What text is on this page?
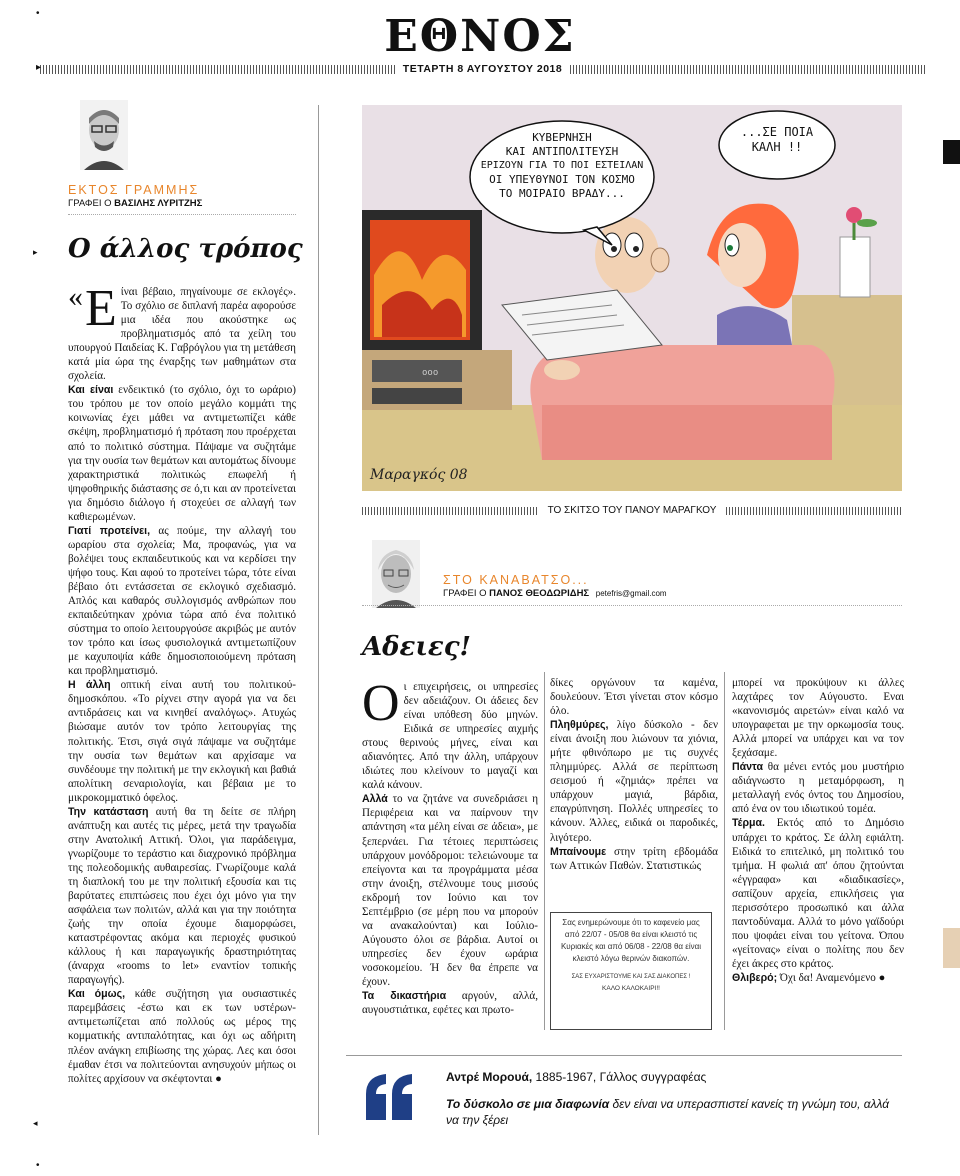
ΕΘΝΟΣ
ΤΕΤΑΡΤΗ 8 ΑΥΓΟΥΣΤΟΥ 2018
•
▸
ΕΚΤΟΣ ΓΡΑΜΜΗΣ
ΓΡΑΦΕΙ Ο ΒΑΣΙΛΗΣ ΛΥΡΙΤΖΗΣ
▸ Ο άλλος τρόπος

« Ε ίναι βέβαιο, πηγαίνουμε σε εκλογές». Το σχόλιο σε διπλανή παρέα αφορούσε μια ιδέα που ακούστηκε ως προβληματισμός από τα χείλη του υπουργού Παιδείας Κ. Γαβρόγλου για τη μετάθεση κατά μία ώρα της έναρξης των μαθημάτων στα σχολεία.

Και είναι ενδεικτικό (το σχόλιο, όχι το ωράριο) του τρόπου με τον οποίο μεγάλο κομμάτι της κοινωνίας έχει μάθει να αντιμετωπίζει κάθε σκέψη, προβληματισμό ή πρόταση που προέρχεται από το πολιτικό σύστημα. Πάψαμε να συζητάμε για την ουσία των θεμάτων και αυτομάτως δίνουμε χαρακτηριστικά πολιτικώς επωφελή ή ψηφοθηρικής διάστασης σε ό,τι και αν προτείνεται για δημόσιο διάλογο ή στοχεύει σε αλλαγή των καθιερωμένων.

Γιατί προτείνει, ας πούμε, την αλλαγή του ωραρίου στα σχολεία; Μα, προφανώς, για να βολέψει τους εκπαιδευτικούς και να κερδίσει την ψήφο τους. Και αφού το προτείνει τώρα, τότε είναι βέβαιο ότι εντάσσεται σε εκλογικό σχεδιασμό. Απλός και καθαρός συλλογισμός ανθρώπων που εκπαιδεύτηκαν χρόνια τώρα από ένα πολιτικό σύστημα το οποίο λειτουργούσε ακριβώς με αυτόν τον τρόπο και ίσως φυσιολογικά αντιμετωπίζουν με καχυποψία κάθε δημοσιοποιούμενη πρόταση και προβληματισμό.

Η άλλη οπτική είναι αυτή του πολιτικού-δημοσκόπου. «Το ρίχνει στην αγορά για να δει αντιδράσεις και να κινηθεί αναλόγως». Ατυχώς βιώσαμε αυτόν τον τρόπο λειτουργίας της πολιτικής. Έτσι, σιγά σιγά πάψαμε να συζητάμε την ουσία των θεμάτων και αρχίσαμε να συνδέουμε την πολιτική με την εκλογική και βαθιά απολίτικη σεναριολογία, και βέβαια με το μικροκομματικό όφελος.

Την κατάσταση αυτή θα τη δείτε σε πλήρη ανάπτυξη και αυτές τις μέρες, μετά την τραγωδία στην Ανατολική Αττική. Όλοι, για παράδειγμα, γνωρίζουμε το τεράστιο και διαχρονικό πρόβλημα της πολεοδομικής αυθαιρεσίας. Γνωρίζουμε καλά τη διαπλοκή του με την πολιτική εξουσία και τις βαρύτατες επιπτώσεις που έχει όχι μόνο για την ασφάλεια των πολιτών, αλλά και για την ποιότητα ζωής την οποία έχουμε διαμορφώσει, καταστρέφοντας ακόμα και περιοχές φυσικού κάλλους ή και παραγωγικής δραστηριότητας (άναρχα «rooms to let» εναντίον τοπικής παραγωγής).

Και όμως, κάθε συζήτηση για ουσιαστικές παρεμβάσεις -έστω και εκ των υστέρων- αντιμετωπίζεται από πολλούς ως μέρος της κομματικής αντιπαλότητας, και όχι ως αδήριτη πλέον ανάγκη επιβίωσης της χώρας. Λες και όσοι έμαθαν έτσι να πολιτεύονται ανησυχούν μήπως οι πολίτες αρχίσουν να σκέφτονται ●

ooo
Μαραγκός 08
ΚΥΒΕΡΝΗΣΗ
ΚΑΙ ΑΝΤΙΠΟΛΙΤΕΥΣΗ
ΕΡΙΖΟΥΝ ΓΙΑ ΤΟ ΠΟΙ ΕΣΤΕΙΛΑΝ
ΟΙ ΥΠΕΥΘΥΝΟΙ ΤΟΝ ΚΟΣΜΟ
ΤΟ ΜΟΙΡΑΙΟ ΒΡΑΔΥ...
...ΣΕ ΠΟΙΑ
ΚΑΛΗ !!
ΤΟ ΣΚΙΤΣΟ ΤΟΥ ΠΑΝΟΥ ΜΑΡΑΓΚΟΥ
ΣΤΟ ΚΑΝΑΒΑΤΣΟ...
ΓΡΑΦΕΙ Ο ΠΑΝΟΣ ΘΕΟΔΩΡΙΔΗΣ petefris@gmail.com
Αδειες!

Ο ι επιχειρήσεις, οι υπηρεσίες δεν αδειάζουν. Οι άδειες δεν είναι υπόθεση δύο μηνών. Ειδικά σε υπηρεσίες αιχμής στους θερινούς μήνες, είναι και αδιανόητες. Από την άλλη, υπάρχουν ιδιώτες που κλείνουν το μαγαζί και καλά κάνουν.

Αλλά το να ζητάνε να συνεδριάσει η Περιφέρεια και να παίρνουν την απάντηση «τα μέλη είναι σε άδεια», με ξεπερνάει. Για τέτοιες περιπτώσεις υπάρχουν μονόδρομοι: τελειώνουμε τα επείγοντα και τα προγράμματα μέσα στην άνοιξη, στέλνουμε τους μισούς εκδρομή τον Ιούνιο και τον Σεπτέμβριο (σε μέρη που να μπορούν να ανακαλούνται) και Ιούλιο-Αύγουστο όλοι σε βάρδια. Αυτοί οι υπηρεσίες δεν έχουν ωράρια νοσοκομείου. Ή δεν θα έπρεπε να έχουν.

Τα δικαστήρια αργούν, αλλά, αυγουστιάτικα, εφέτες και πρωτο-

δίκες οργώνουν τα καμένα, δουλεύουν. Έτσι γίνεται στον κόσμο όλο.

Πληθμύρες, λίγο δύσκολο - δεν είναι άνοιξη που λιώνουν τα χιόνια, μήτε φθινόπωρο με τις συχνές πλημμύρες. Αλλά σε περίπτωση σεισμού ή «ζημιάς» πρέπει να υπάρχουν μαγιά, βάρδια, επαγρύπνηση. Πολλές υπηρεσίες το κάνουν. Άλλες, ειδικά οι παροδικές, λιγότερο.

Μπαίνουμε στην τρίτη εβδομάδα των Αττικών Παθών. Στατιστικώς

Σας ενημερώνουμε ότι το καφενείο μας
από 22/07 - 05/08 θα είναι κλειστό τις
Κυριακές και από 06/08 - 22/08 θα είναι
κλειστό λόγω θερινών διακοπών.
ΣΑΣ ΕΥΧΑΡΙΣΤΟΥΜΕ ΚΑΙ ΣΑΣ ΔΙΑΚΟΠΕΣ !
ΚΑΛΟ ΚΑΛΟΚΑΙΡΙ!!

μπορεί να προκύψουν κι άλλες λαχτάρες τον Αύγουστο. Εναι «κανονισμός αιρετών» είναι καλό να υπογραφεται με την ορκωμοσία τους. Αλλά μπορεί να υπάρχει και να τον ξεχάσαμε.

Πάντα θα μένει εντός μου μυστήριο αδιάγνωστο η μεταμόρφωση, η μεταλλαγή ενός όντος του Δημοσίου, από ένα ον του ιδιωτικού τομέα.

Τέρμα. Εκτός από το Δημόσιο υπάρχει το κράτος. Σε άλλη εφιάλτη. Ειδικά το επιτελικό, μη πολιτικό του τμήμα. Η φωλιά απ' όπου ζητούνται «έγγραφα» και «διαδικασίες», σαπίζουν αρχεία, επικλήσεις για περισσότερο προσωπικό και άλλα παντοδύναμα. Αλλά το μόνο γαϊδούρι που ψοφάει είναι του γείτονα. Όπου «γείτονας» είναι ο πολίτης που δεν έχει άκρες στο κράτος.

Θλιβερό; Όχι δα! Αναμενόμενο ●

Αντρέ Μορουά, 1885-1967, Γάλλος συγγραφέας
Το δύσκολο σε μια διαφωνία δεν είναι να υπερασπιστεί κανείς τη γνώμη του, αλλά να την ξέρει
◂
•
